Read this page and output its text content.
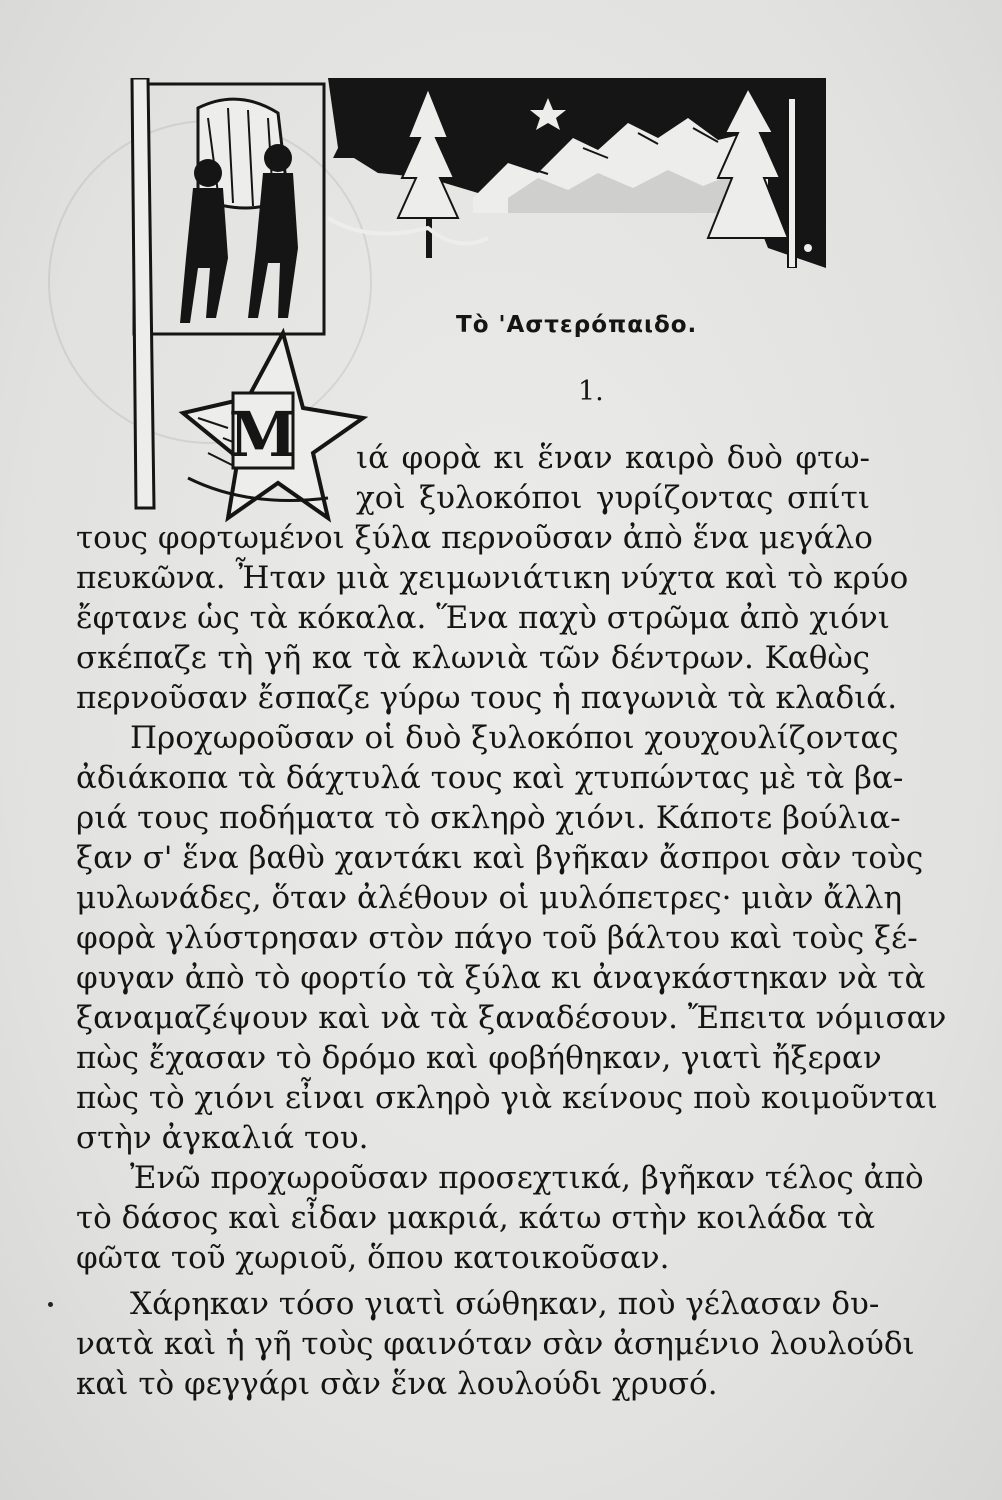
Μ
Τὸ 'Αστερόπαιδο.
1.
ιά φορὰ κι ἕναν καιρὸ δυὸ φτω-
χοὶ ξυλοκόποι γυρίζοντας σπίτι
τους φορτωμένοι ξύλα περνοῦσαν ἀπὸ ἕνα μεγάλο
πευκῶνα. Ἦταν μιὰ χειμωνιάτικη νύχτα καὶ τὸ κρύο
ἔφτανε ὡς τὰ κόκαλα. Ἕνα παχὺ στρῶμα ἀπὸ χιόνι
σκέπαζε τὴ γῆ κα τὰ κλωνιὰ τῶν δέντρων. Καθὼς
περνοῦσαν ἔσπαζε γύρω τους ἡ παγωνιὰ τὰ κλαδιά.
Προχωροῦσαν οἱ δυὸ ξυλοκόποι χουχουλίζοντας
ἀδιάκοπα τὰ δάχτυλά τους καὶ χτυπώντας μὲ τὰ βα-
ριά τους ποδήματα τὸ σκληρὸ χιόνι. Κάποτε βούλια-
ξαν σ' ἕνα βαθὺ χαντάκι καὶ βγῆκαν ἄσπροι σὰν τοὺς
μυλωνάδες, ὅταν ἀλέθουν οἱ μυλόπετρες· μιὰν ἄλλη
φορὰ γλύστρησαν στὸν πάγο τοῦ βάλτου καὶ τοὺς ξέ-
φυγαν ἀπὸ τὸ φορτίο τὰ ξύλα κι ἀναγκάστηκαν νὰ τὰ
ξαναμαζέψουν καὶ νὰ τὰ ξαναδέσουν. Ἔπειτα νόμισαν
πὼς ἔχασαν τὸ δρόμο καὶ φοβήθηκαν, γιατὶ ἤξεραν
πὼς τὸ χιόνι εἶναι σκληρὸ γιὰ κείνους ποὺ κοιμοῦνται
στὴν ἀγκαλιά του.
Ἐνῶ προχωροῦσαν προσεχτικά, βγῆκαν τέλος ἀπὸ
τὸ δάσος καὶ εἶδαν μακριά, κάτω στὴν κοιλάδα τὰ
φῶτα τοῦ χωριοῦ, ὅπου κατοικοῦσαν.
Χάρηκαν τόσο γιατὶ σώθηκαν, ποὺ γέλασαν δυ-
νατὰ καὶ ἡ γῆ τοὺς φαινόταν σὰν ἀσημένιο λουλούδι
καὶ τὸ φεγγάρι σὰν ἕνα λουλούδι χρυσό.
